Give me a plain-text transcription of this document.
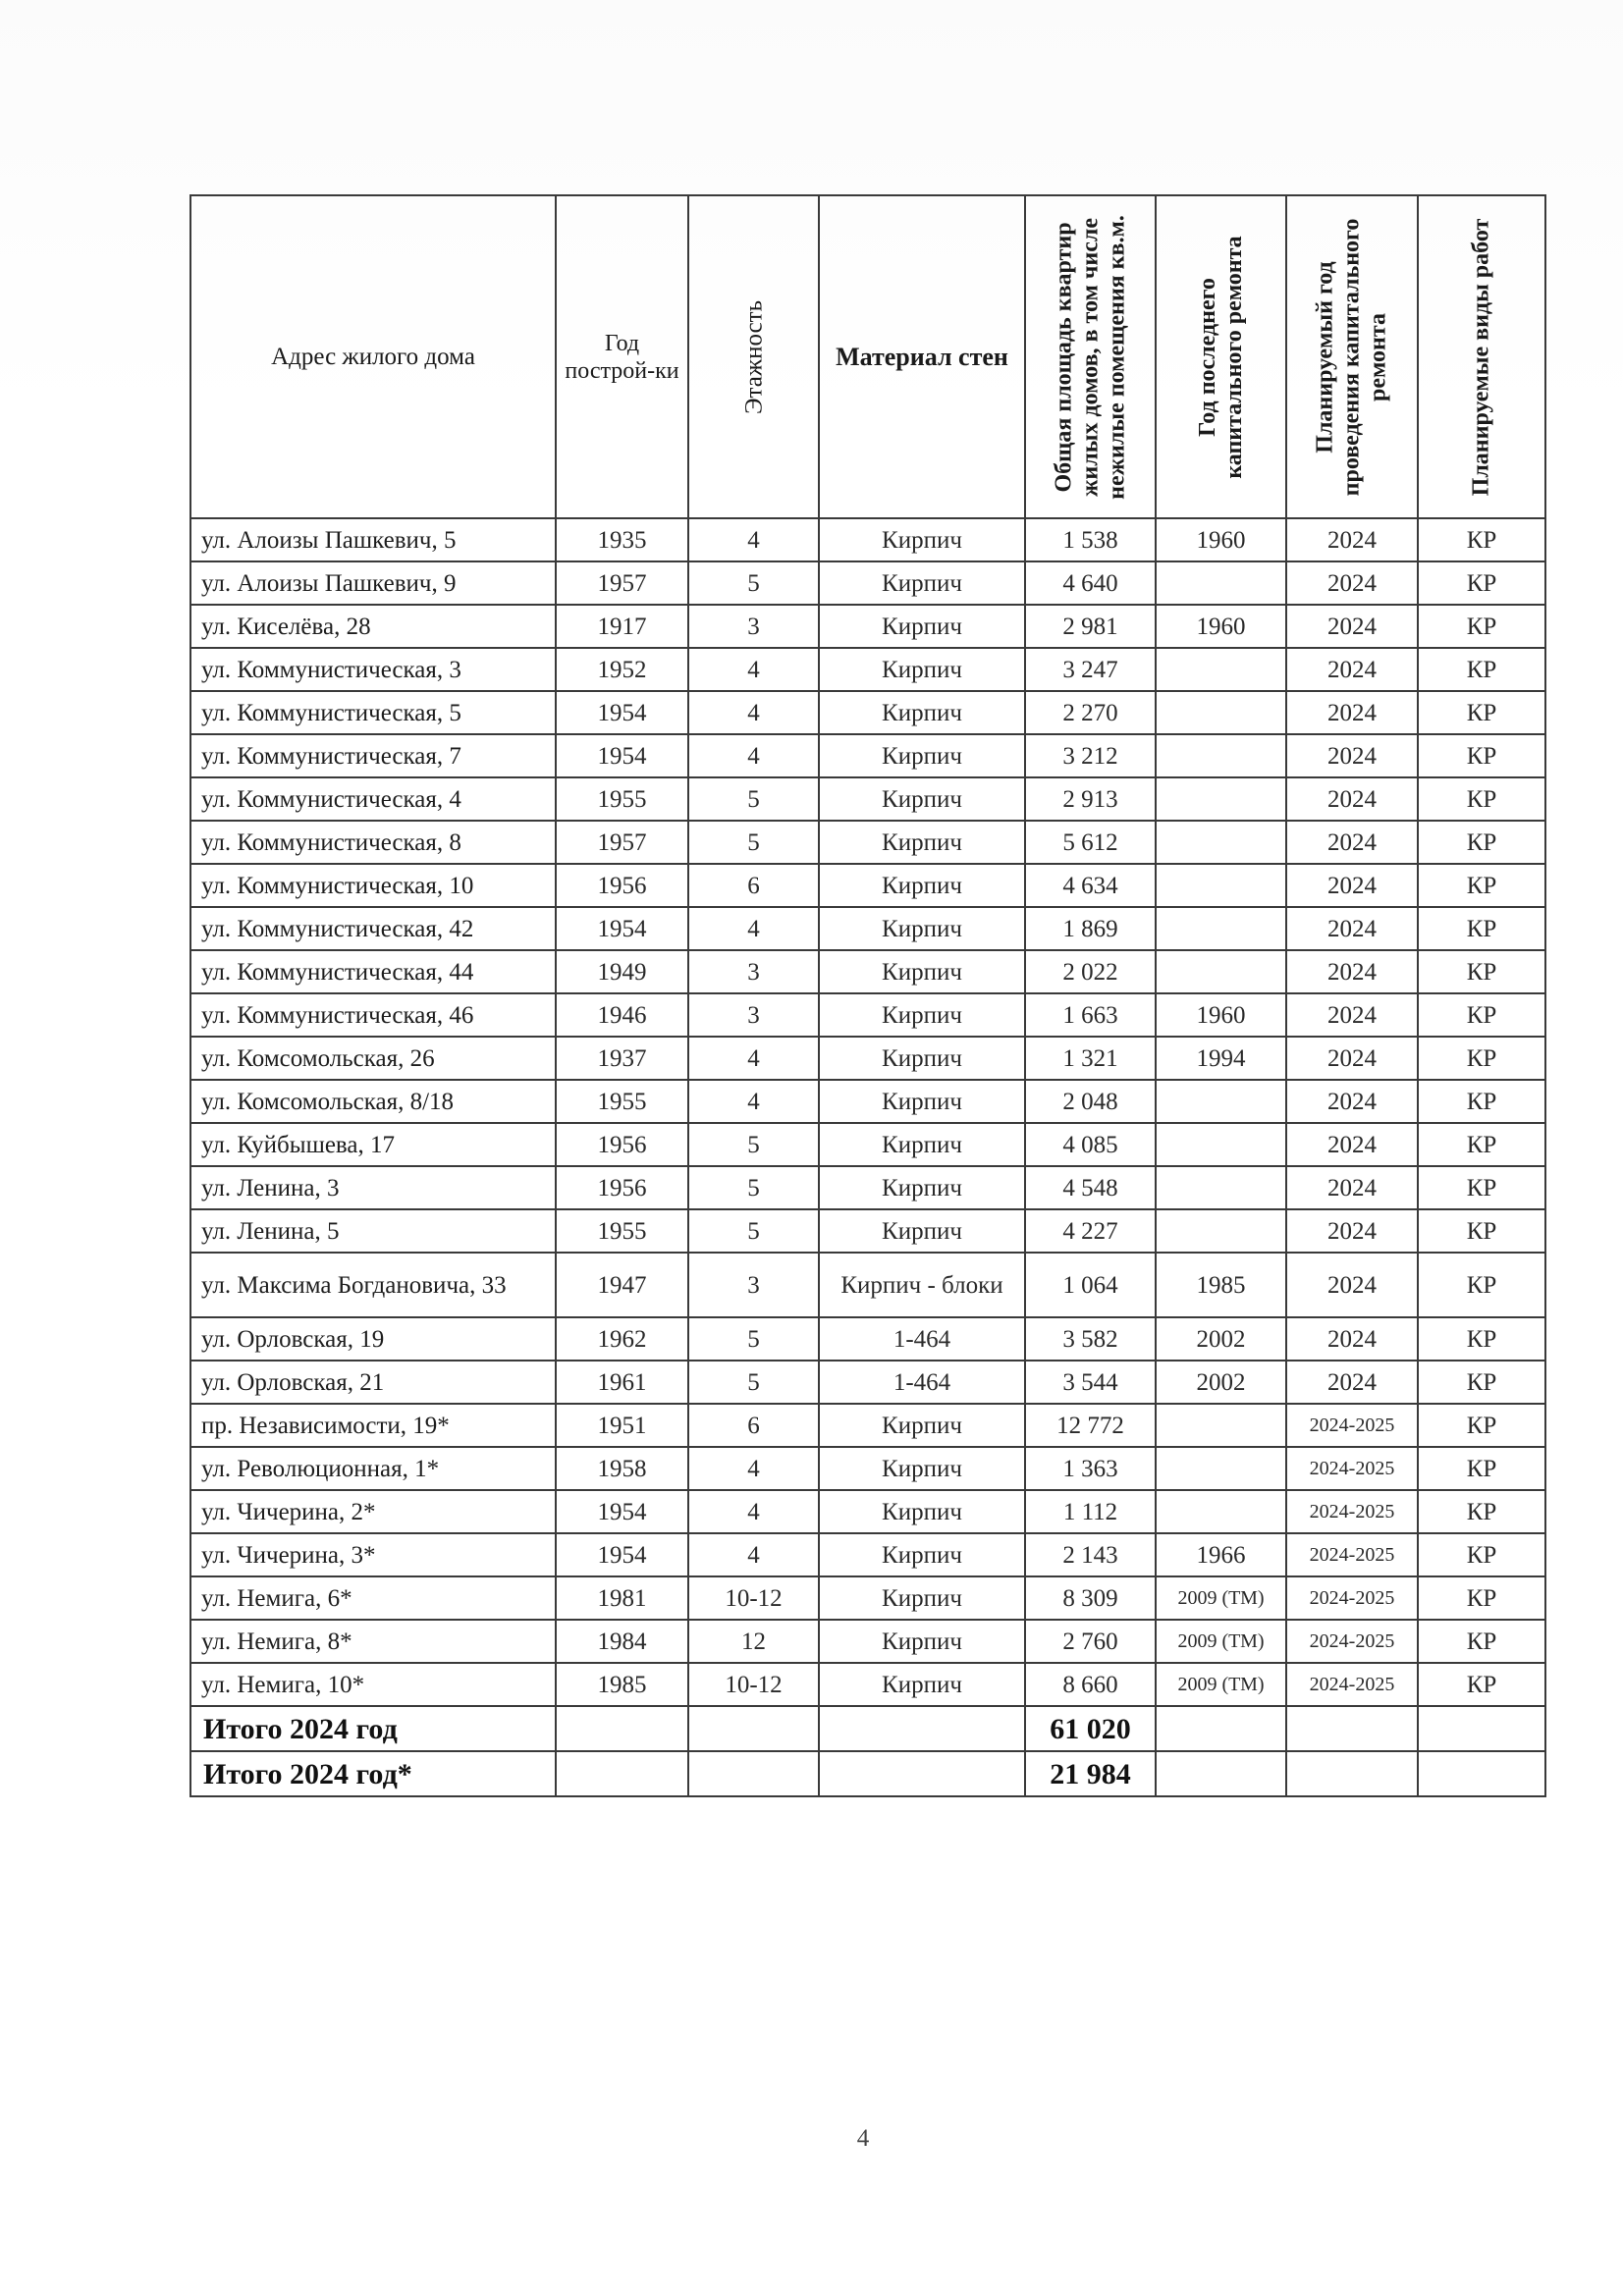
Адрес жилого дома	Год построй-ки	Этажность	Материал стен	Общая площадь квартир жилых домов, в том числе нежилые помещения кв.м.	Год последнего капитального ремонта	Планируемый год проведения капитального ремонта	Планируемые виды работ

ул. Алоизы Пашкевич, 5	1935	4	Кирпич	1 538	1960	2024	КР
ул. Алоизы Пашкевич, 9	1957	5	Кирпич	4 640		2024	КР
ул. Киселёва, 28	1917	3	Кирпич	2 981	1960	2024	КР
ул. Коммунистическая, 3	1952	4	Кирпич	3 247		2024	КР
ул. Коммунистическая, 5	1954	4	Кирпич	2 270		2024	КР
ул. Коммунистическая, 7	1954	4	Кирпич	3 212		2024	КР
ул. Коммунистическая, 4	1955	5	Кирпич	2 913		2024	КР
ул. Коммунистическая, 8	1957	5	Кирпич	5 612		2024	КР
ул. Коммунистическая, 10	1956	6	Кирпич	4 634		2024	КР
ул. Коммунистическая, 42	1954	4	Кирпич	1 869		2024	КР
ул. Коммунистическая, 44	1949	3	Кирпич	2 022		2024	КР
ул. Коммунистическая, 46	1946	3	Кирпич	1 663	1960	2024	КР
ул. Комсомольская, 26	1937	4	Кирпич	1 321	1994	2024	КР
ул. Комсомольская, 8/18	1955	4	Кирпич	2 048		2024	КР
ул. Куйбышева, 17	1956	5	Кирпич	4 085		2024	КР
ул. Ленина, 3	1956	5	Кирпич	4 548		2024	КР
ул. Ленина, 5	1955	5	Кирпич	4 227		2024	КР
ул. Максима Богдановича, 33	1947	3	Кирпич - блоки	1 064	1985	2024	КР
ул. Орловская, 19	1962	5	1-464	3 582	2002	2024	КР
ул. Орловская, 21	1961	5	1-464	3 544	2002	2024	КР
пр. Независимости, 19*	1951	6	Кирпич	12 772		2024-2025	КР
ул. Революционная, 1*	1958	4	Кирпич	1 363		2024-2025	КР
ул. Чичерина, 2*	1954	4	Кирпич	1 112		2024-2025	КР
ул. Чичерина, 3*	1954	4	Кирпич	2 143	1966	2024-2025	КР
ул. Немига, 6*	1981	10-12	Кирпич	8 309	2009 (ТМ)	2024-2025	КР
ул. Немига, 8*	1984	12	Кирпич	2 760	2009 (ТМ)	2024-2025	КР
ул. Немига, 10*	1985	10-12	Кирпич	8 660	2009 (ТМ)	2024-2025	КР
Итого 2024 год				61 020			
Итого 2024 год*				21 984			
4
